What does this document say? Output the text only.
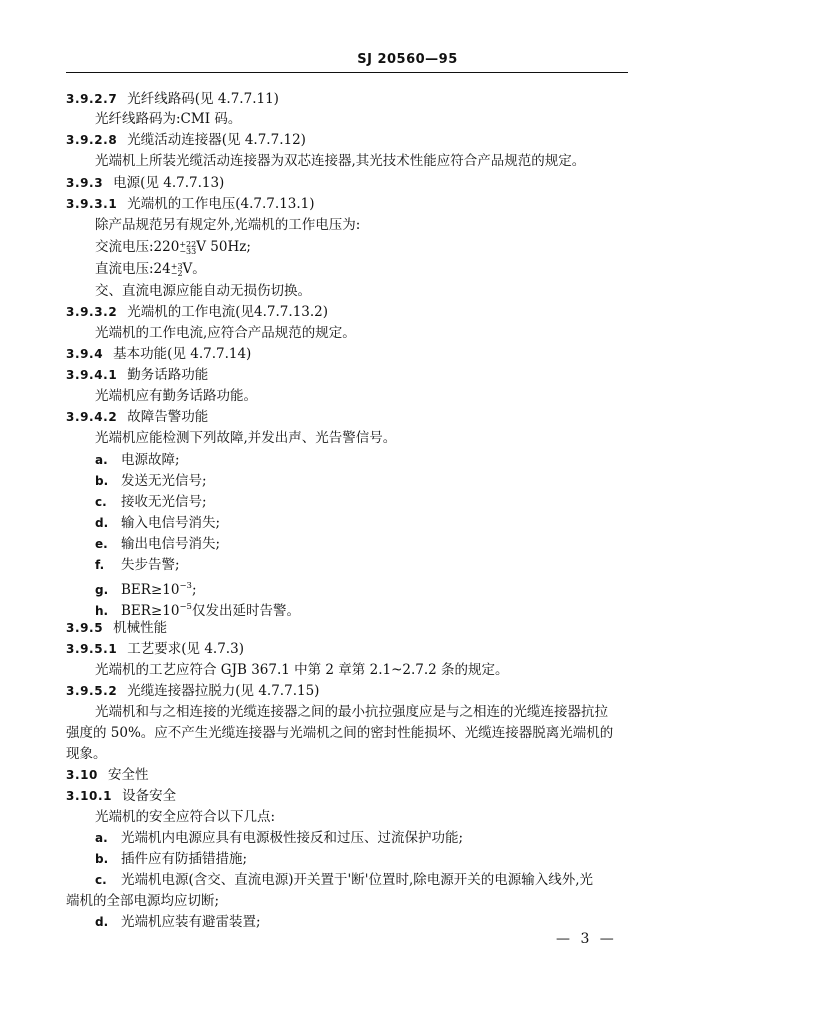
SJ 20560—95
3.9.2.7 光纤线路码(见 4.7.7.11)
光纤线路码为:CMI 码。
3.9.2.8 光缆活动连接器(见 4.7.7.12)
光端机上所装光缆活动连接器为双芯连接器,其光技术性能应符合产品规范的规定。
3.9.3 电源(见 4.7.7.13)
3.9.3.1 光端机的工作电压(4.7.7.13.1)
除产品规范另有规定外,光端机的工作电压为:
交流电压:220+22
−33V 50Hz;
直流电压:24+3
−2V。
交、直流电源应能自动无损伤切换。
3.9.3.2 光端机的工作电流(见4.7.7.13.2)
光端机的工作电流,应符合产品规范的规定。
3.9.4 基本功能(见 4.7.7.14)
3.9.4.1 勤务话路功能
光端机应有勤务话路功能。
3.9.4.2 故障告警功能
光端机应能检测下列故障,并发出声、光告警信号。
a. 电源故障;
b. 发送无光信号;
c. 接收无光信号;
d. 输入电信号消失;
e. 输出电信号消失;
f. 失步告警;
g. $BER\ge 10^{-3}$;
h. $BER\ge 10^{-5}$仅发出延时告警。
3.9.5 机械性能
3.9.5.1 工艺要求(见 4.7.3)
光端机的工艺应符合 GJB 367.1 中第 2 章第 2.1~2.7.2 条的规定。
3.9.5.2 光缆连接器拉脱力(见 4.7.7.15)
光端机和与之相连接的光缆连接器之间的最小抗拉强度应是与之相连的光缆连接器抗拉
强度的 50%。应不产生光缆连接器与光端机之间的密封性能损坏、光缆连接器脱离光端机的
现象。
3.10 安全性
3.10.1 设备安全
光端机的安全应符合以下几点:
a. 光端机内电源应具有电源极性接反和过压、过流保护功能;
b. 插件应有防插错措施;
c. 光端机电源(含交、直流电源)开关置于'断'位置时,除电源开关的电源输入线外,光
端机的全部电源均应切断;
d. 光端机应装有避雷装置;
— 3 —
